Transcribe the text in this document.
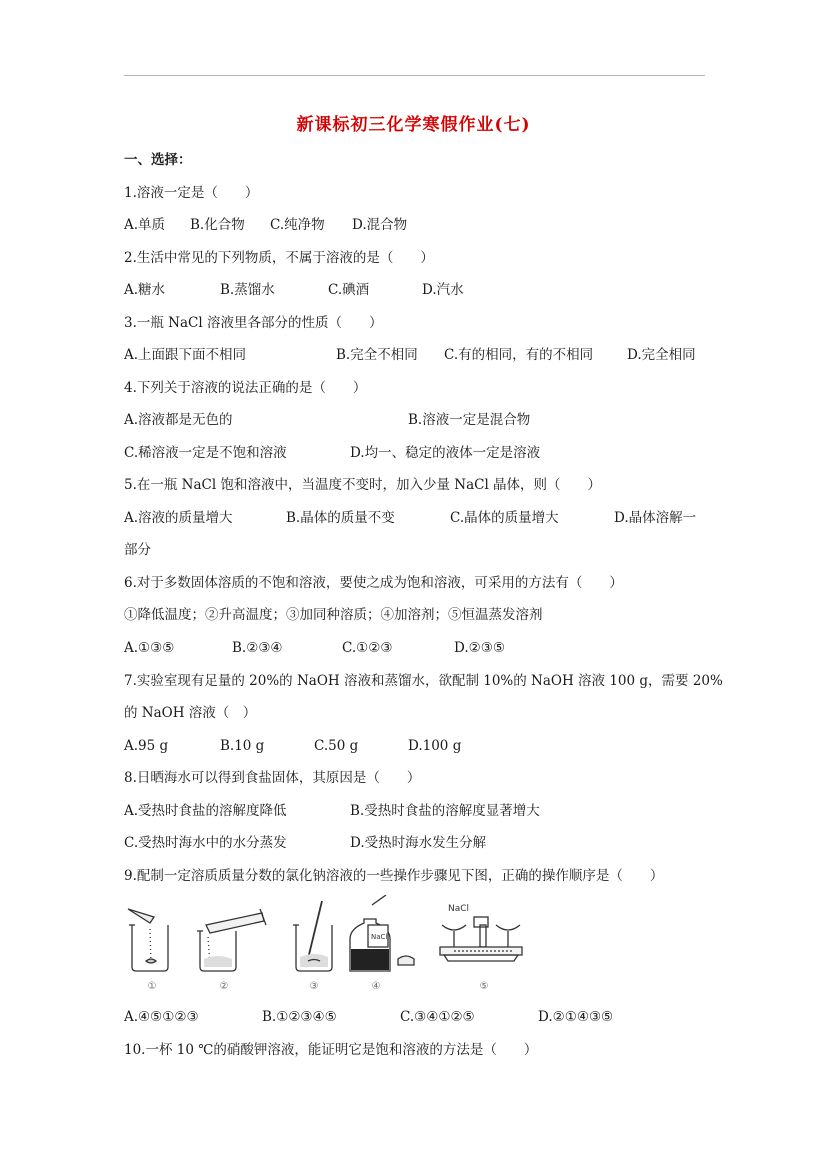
新课标初三化学寒假作业(七)
一、选择：
1.溶液一定是（　　）
A.单质 B.化合物 C.纯净物 D.混合物
2.生活中常见的下列物质，不属于溶液的是（　　）
A.糖水	B.蒸馏水	C.碘酒	D.汽水
3.一瓶 NaCl 溶液里各部分的性质（　　）
A.上面跟下面不相同	B.完全不相同 C.有的相同，有的不相同	D.完全相同
4.下列关于溶液的说法正确的是（　　）
A.溶液都是无色的	B.溶液一定是混合物
C.稀溶液一定是不饱和溶液	D.均一、稳定的液体一定是溶液
5.在一瓶 NaCl 饱和溶液中，当温度不变时，加入少量 NaCl 晶体，则（　　）
A.溶液的质量增大	B.晶体的质量不变	C.晶体的质量增大	D.晶体溶解一
部分
6.对于多数固体溶质的不饱和溶液，要使之成为饱和溶液，可采用的方法有（　　）
①降低温度；②升高温度；③加同种溶质；④加溶剂；⑤恒温蒸发溶剂
A.①③⑤	B.②③④	C.①②③	D.②③⑤
7.实验室现有足量的 20%的 NaOH 溶液和蒸馏水，欲配制 10%的 NaOH 溶液 100 g，需要 20%
的 NaOH 溶液（　）
A.95 g	B.10 g	C.50 g	D.100 g
8.日晒海水可以得到食盐固体，其原因是（　　）
A.受热时食盐的溶解度降低	B.受热时食盐的溶解度显著增大
C.受热时海水中的水分蒸发	D.受热时海水发生分解
9.配制一定溶质质量分数的氯化钠溶液的一些操作步骤见下图，正确的操作顺序是（　　）
NaCl
NaCl
①	②	③	④	⑤
A.④⑤①②③	B.①②③④⑤	C.③④①②⑤	D.②①④③⑤
10.一杯 10 ℃的硝酸钾溶液，能证明它是饱和溶液的方法是（　　）
